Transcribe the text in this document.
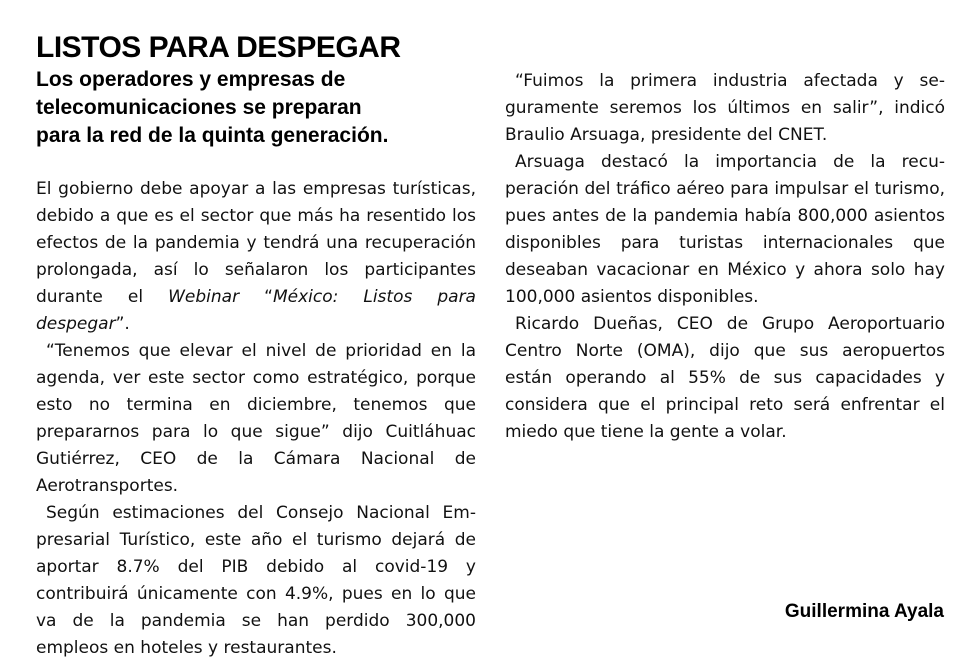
LISTOS PARA DESPEGAR
Los operadores y empresas de
telecomunicaciones se preparan
para la red de la quinta generación.

El gobierno debe apoyar a las empresas turísticas, debido a que es el sector que más ha resentido los efectos de la pandemia y tendrá una recuperación prolongada, así lo señalaron los participantes durante el Webinar “México: Listos para despegar”.

“Tenemos que elevar el nivel de prioridad en la agenda, ver este sector como estratégico, porque esto no termina en diciembre, tenemos que prepararnos para lo que sigue” dijo Cuitláhuac Gutiérrez, CEO de la Cámara Nacional de Aerotransportes.

Según estimaciones del Consejo Nacional Empresarial Turístico, este año el turismo dejará de aportar 8.7% del PIB debido al covid-19 y contribuirá únicamente con 4.9%, pues en lo que va de la pandemia se han perdido 300,000 empleos en hoteles y restaurantes.

“Fuimos la primera industria afectada y seguramente seremos los últimos en salir”, indicó Braulio Arsuaga, presidente del CNET.

Arsuaga destacó la importancia de la recuperación del tráfico aéreo para impulsar el turismo, pues antes de la pandemia había 800,000 asientos disponibles para turistas internacionales que deseaban vacacionar en México y ahora solo hay 100,000 asientos disponibles.

Ricardo Dueñas, CEO de Grupo Aeroportuario Centro Norte (OMA), dijo que sus aeropuertos están operando al 55% de sus capacidades y considera que el principal reto será enfrentar el miedo que tiene la gente a volar.

Guillermina Ayala
